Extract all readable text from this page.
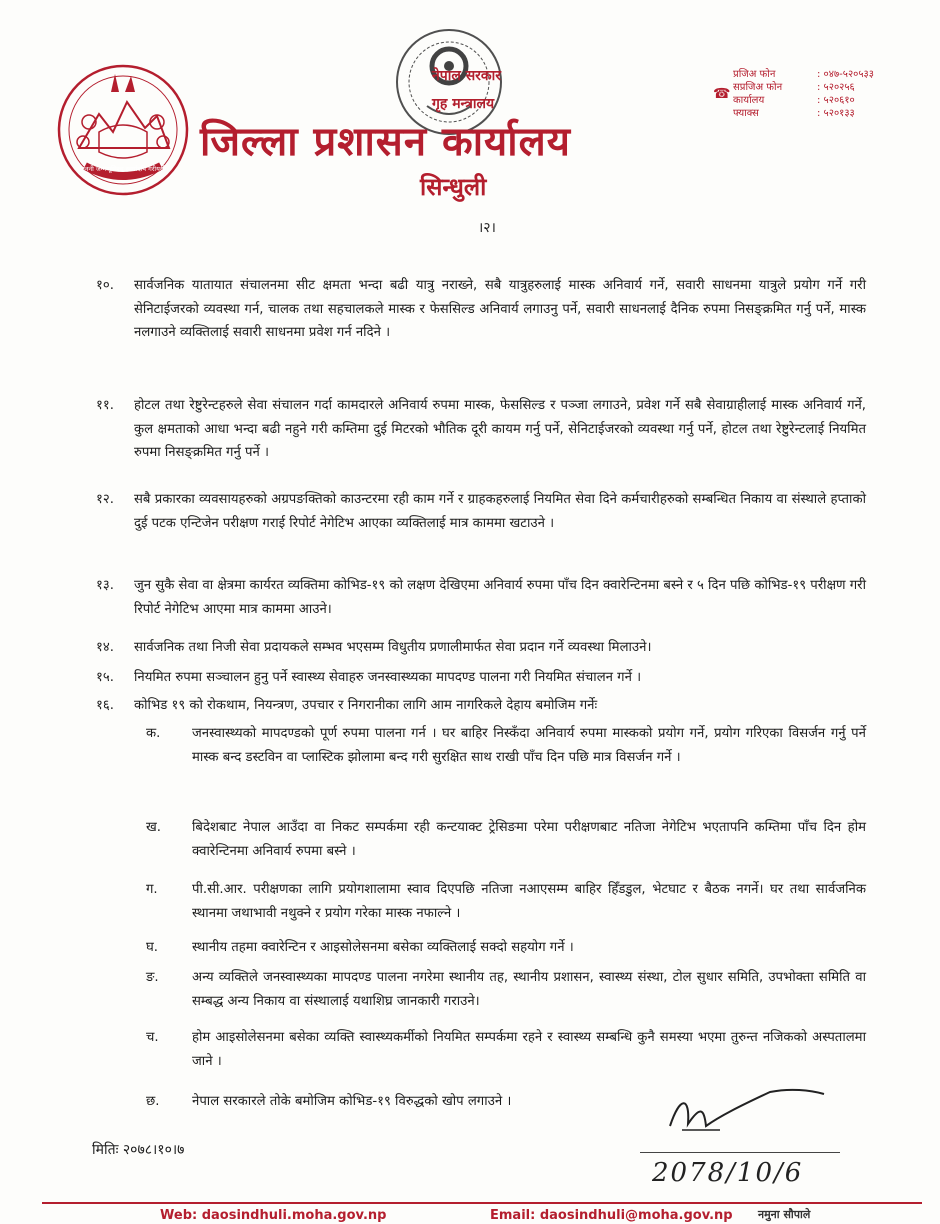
जननी जन्मभूमिश्च स्वर्गादपि गरीयसी
नेपाल सरकार
गृह मन्त्रालय
जिल्ला प्रशासन कार्यालय
सिन्धुली
☎
प्रजिअ फोन	: ०४७-५२०५३३
सप्रजिअ फोन	: ५२०२५६
कार्यालय	: ५२०६१०
फ्याक्स	: ५२०१३३
।२।
१०.	सार्वजनिक यातायात संचालनमा सीट क्षमता भन्दा बढी यात्रु नराख्ने, सबै यात्रुहरुलाई मास्क अनिवार्य गर्ने, सवारी साधनमा यात्रुले प्रयोग गर्ने गरी सेनिटाईजरको व्यवस्था गर्न, चालक तथा सहचालकले मास्क र फेससिल्ड अनिवार्य लगाउनु पर्ने, सवारी साधनलाई दैनिक रुपमा निसङ्क्रमित गर्नु पर्ने, मास्क नलगाउने व्यक्तिलाई सवारी साधनमा प्रवेश गर्न नदिने ।
११.	होटल तथा रेष्टुरेन्टहरुले सेवा संचालन गर्दा कामदारले अनिवार्य रुपमा मास्क, फेससिल्ड र पञ्जा लगाउने, प्रवेश गर्ने सबै सेवाग्राहीलाई मास्क अनिवार्य गर्ने, कुल क्षमताको आधा भन्दा बढी नहुने गरी कम्तिमा दुई मिटरको भौतिक दूरी कायम गर्नु पर्ने, सेनिटाईजरको व्यवस्था गर्नु पर्ने, होटल तथा रेष्टुरेन्टलाई नियमित रुपमा निसङ्क्रमित गर्नु पर्ने ।
१२.	सबै प्रकारका व्यवसायहरुको अग्रपङक्तिको काउन्टरमा रही काम गर्ने र ग्राहकहरुलाई नियमित सेवा दिने कर्मचारीहरुको सम्बन्धित निकाय वा संस्थाले हप्ताको दुई पटक एन्टिजेन परीक्षण गराई रिपोर्ट नेगेटिभ आएका व्यक्तिलाई मात्र काममा खटाउने ।
१३.	जुन सुकै सेवा वा क्षेत्रमा कार्यरत व्यक्तिमा कोभिड-१९ को लक्षण देखिएमा अनिवार्य रुपमा पाँच दिन क्वारेन्टिनमा बस्ने र ५ दिन पछि कोभिड-१९ परीक्षण गरी रिपोर्ट नेगेटिभ आएमा मात्र काममा आउने।
१४.	सार्वजनिक तथा निजी सेवा प्रदायकले सम्भव भएसम्म विधुतीय प्रणालीमार्फत सेवा प्रदान गर्ने व्यवस्था मिलाउने।
१५.	नियमित रुपमा सञ्चालन हुनु पर्ने स्वास्थ्य सेवाहरु जनस्वास्थ्यका मापदण्ड पालना गरी नियमित संचालन गर्ने ।
१६.	कोभिड १९ को रोकथाम, नियन्त्रण, उपचार र निगरानीका लागि आम नागरिकले देहाय बमोजिम गर्नेः
क.	जनस्वास्थ्यको मापदण्डको पूर्ण रुपमा पालना गर्न । घर बाहिर निस्कँदा अनिवार्य रुपमा मास्कको प्रयोग गर्ने, प्रयोग गरिएका विसर्जन गर्नु पर्ने मास्क बन्द डस्टविन वा प्लास्टिक झोलामा बन्द गरी सुरक्षित साथ राखी पाँच दिन पछि मात्र विसर्जन गर्ने ।
ख.	बिदेशबाट नेपाल आउँदा वा निकट सम्पर्कमा रही कन्टयाक्ट ट्रेसिङमा परेमा परीक्षणबाट नतिजा नेगेटिभ भएतापनि कम्तिमा पाँच दिन होम क्वारेन्टिनमा अनिवार्य रुपमा बस्ने ।
ग.	पी.सी.आर. परीक्षणका लागि प्रयोगशालामा स्वाव दिएपछि नतिजा नआएसम्म बाहिर हिँडडुल, भेटघाट र बैठक नगर्ने। घर तथा सार्वजनिक स्थानमा जथाभावी नथुक्ने र प्रयोग गरेका मास्क नफाल्ने ।
घ.	स्थानीय तहमा क्वारेन्टिन र आइसोलेसनमा बसेका व्यक्तिलाई सक्दो सहयोग गर्ने ।
ङ.	अन्य व्यक्तिले जनस्वास्थ्यका मापदण्ड पालना नगरेमा स्थानीय तह, स्थानीय प्रशासन, स्वास्थ्य संस्था, टोल सुधार समिति, उपभोक्ता समिति वा सम्बद्ध अन्य निकाय वा संस्थालाई यथाशिघ्र जानकारी गराउने।
च.	होम आइसोलेसनमा बसेका व्यक्ति स्वास्थ्यकर्मीको नियमित सम्पर्कमा रहने र स्वास्थ्य सम्बन्धि कुनै समस्या भएमा तुरुन्त नजिकको अस्पतालमा जाने ।
छ.	नेपाल सरकारले तोके बमोजिम कोभिड-१९ विरुद्धको खोप लगाउने ।
मितिः २०७८।१०।७
2078/10/6
Web: daosindhuli.moha.gov.np	Email: daosindhuli@moha.gov.np नमुना सौपाले
